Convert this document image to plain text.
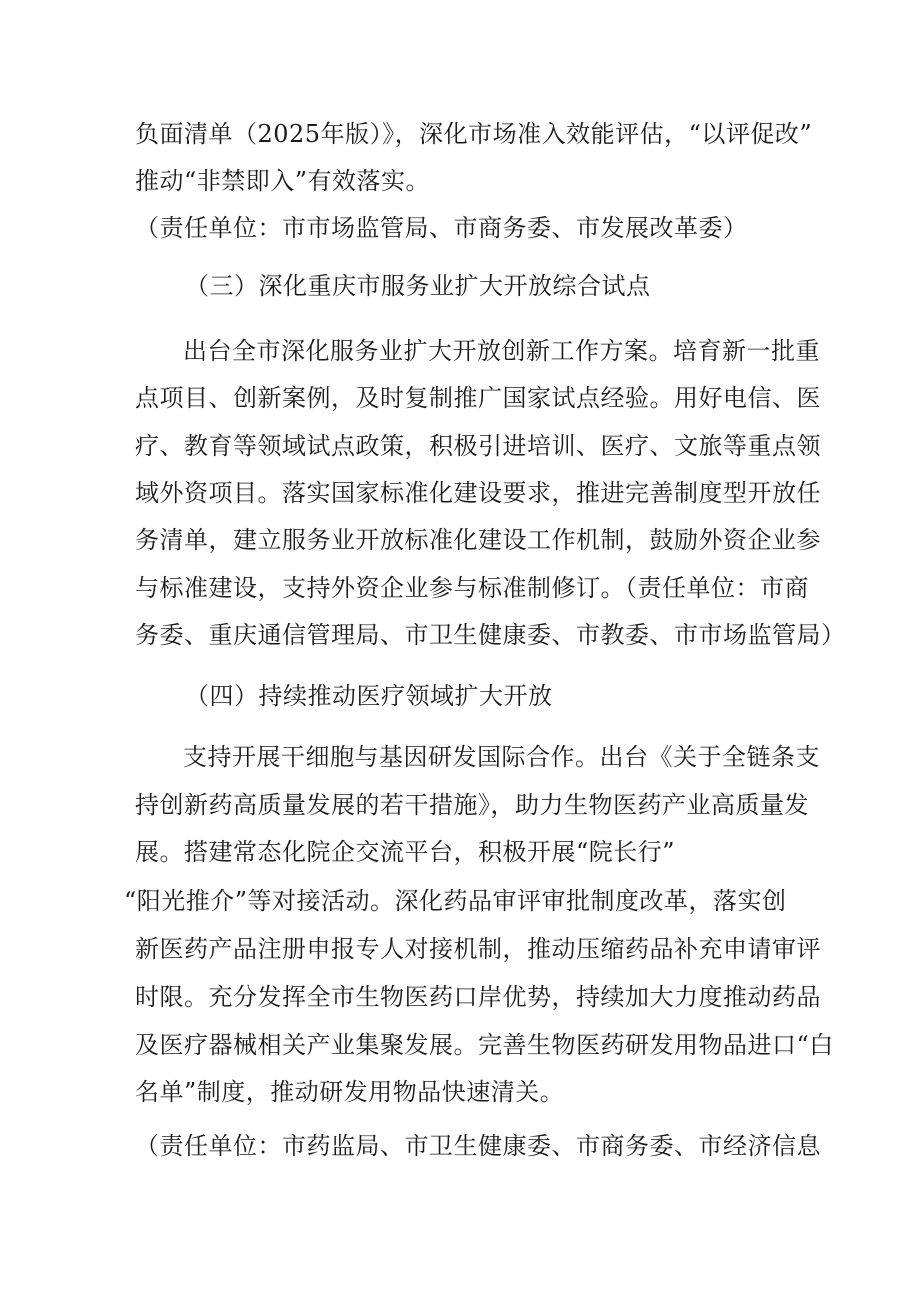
负面清单（2025年版）》，深化市场准入效能评估，“以评促改”
推动“非禁即入”有效落实。
（责任单位：市市场监管局、市商务委、市发展改革委）
（三）深化重庆市服务业扩大开放综合试点
出台全市深化服务业扩大开放创新工作方案。培育新一批重
点项目、创新案例，及时复制推广国家试点经验。用好电信、医
疗、教育等领域试点政策，积极引进培训、医疗、文旅等重点领
域外资项目。落实国家标准化建设要求，推进完善制度型开放任
务清单，建立服务业开放标准化建设工作机制，鼓励外资企业参
与标准建设，支持外资企业参与标准制修订。（责任单位：市商
务委、重庆通信管理局、市卫生健康委、市教委、市市场监管局）
（四）持续推动医疗领域扩大开放
支持开展干细胞与基因研发国际合作。出台《关于全链条支
持创新药高质量发展的若干措施》，助力生物医药产业高质量发
展。搭建常态化院企交流平台，积极开展“院长行”
“阳光推介”等对接活动。深化药品审评审批制度改革，落实创
新医药产品注册申报专人对接机制，推动压缩药品补充申请审评
时限。充分发挥全市生物医药口岸优势，持续加大力度推动药品
及医疗器械相关产业集聚发展。完善生物医药研发用物品进口“白
名单”制度，推动研发用物品快速清关。
（责任单位：市药监局、市卫生健康委、市商务委、市经济信息
